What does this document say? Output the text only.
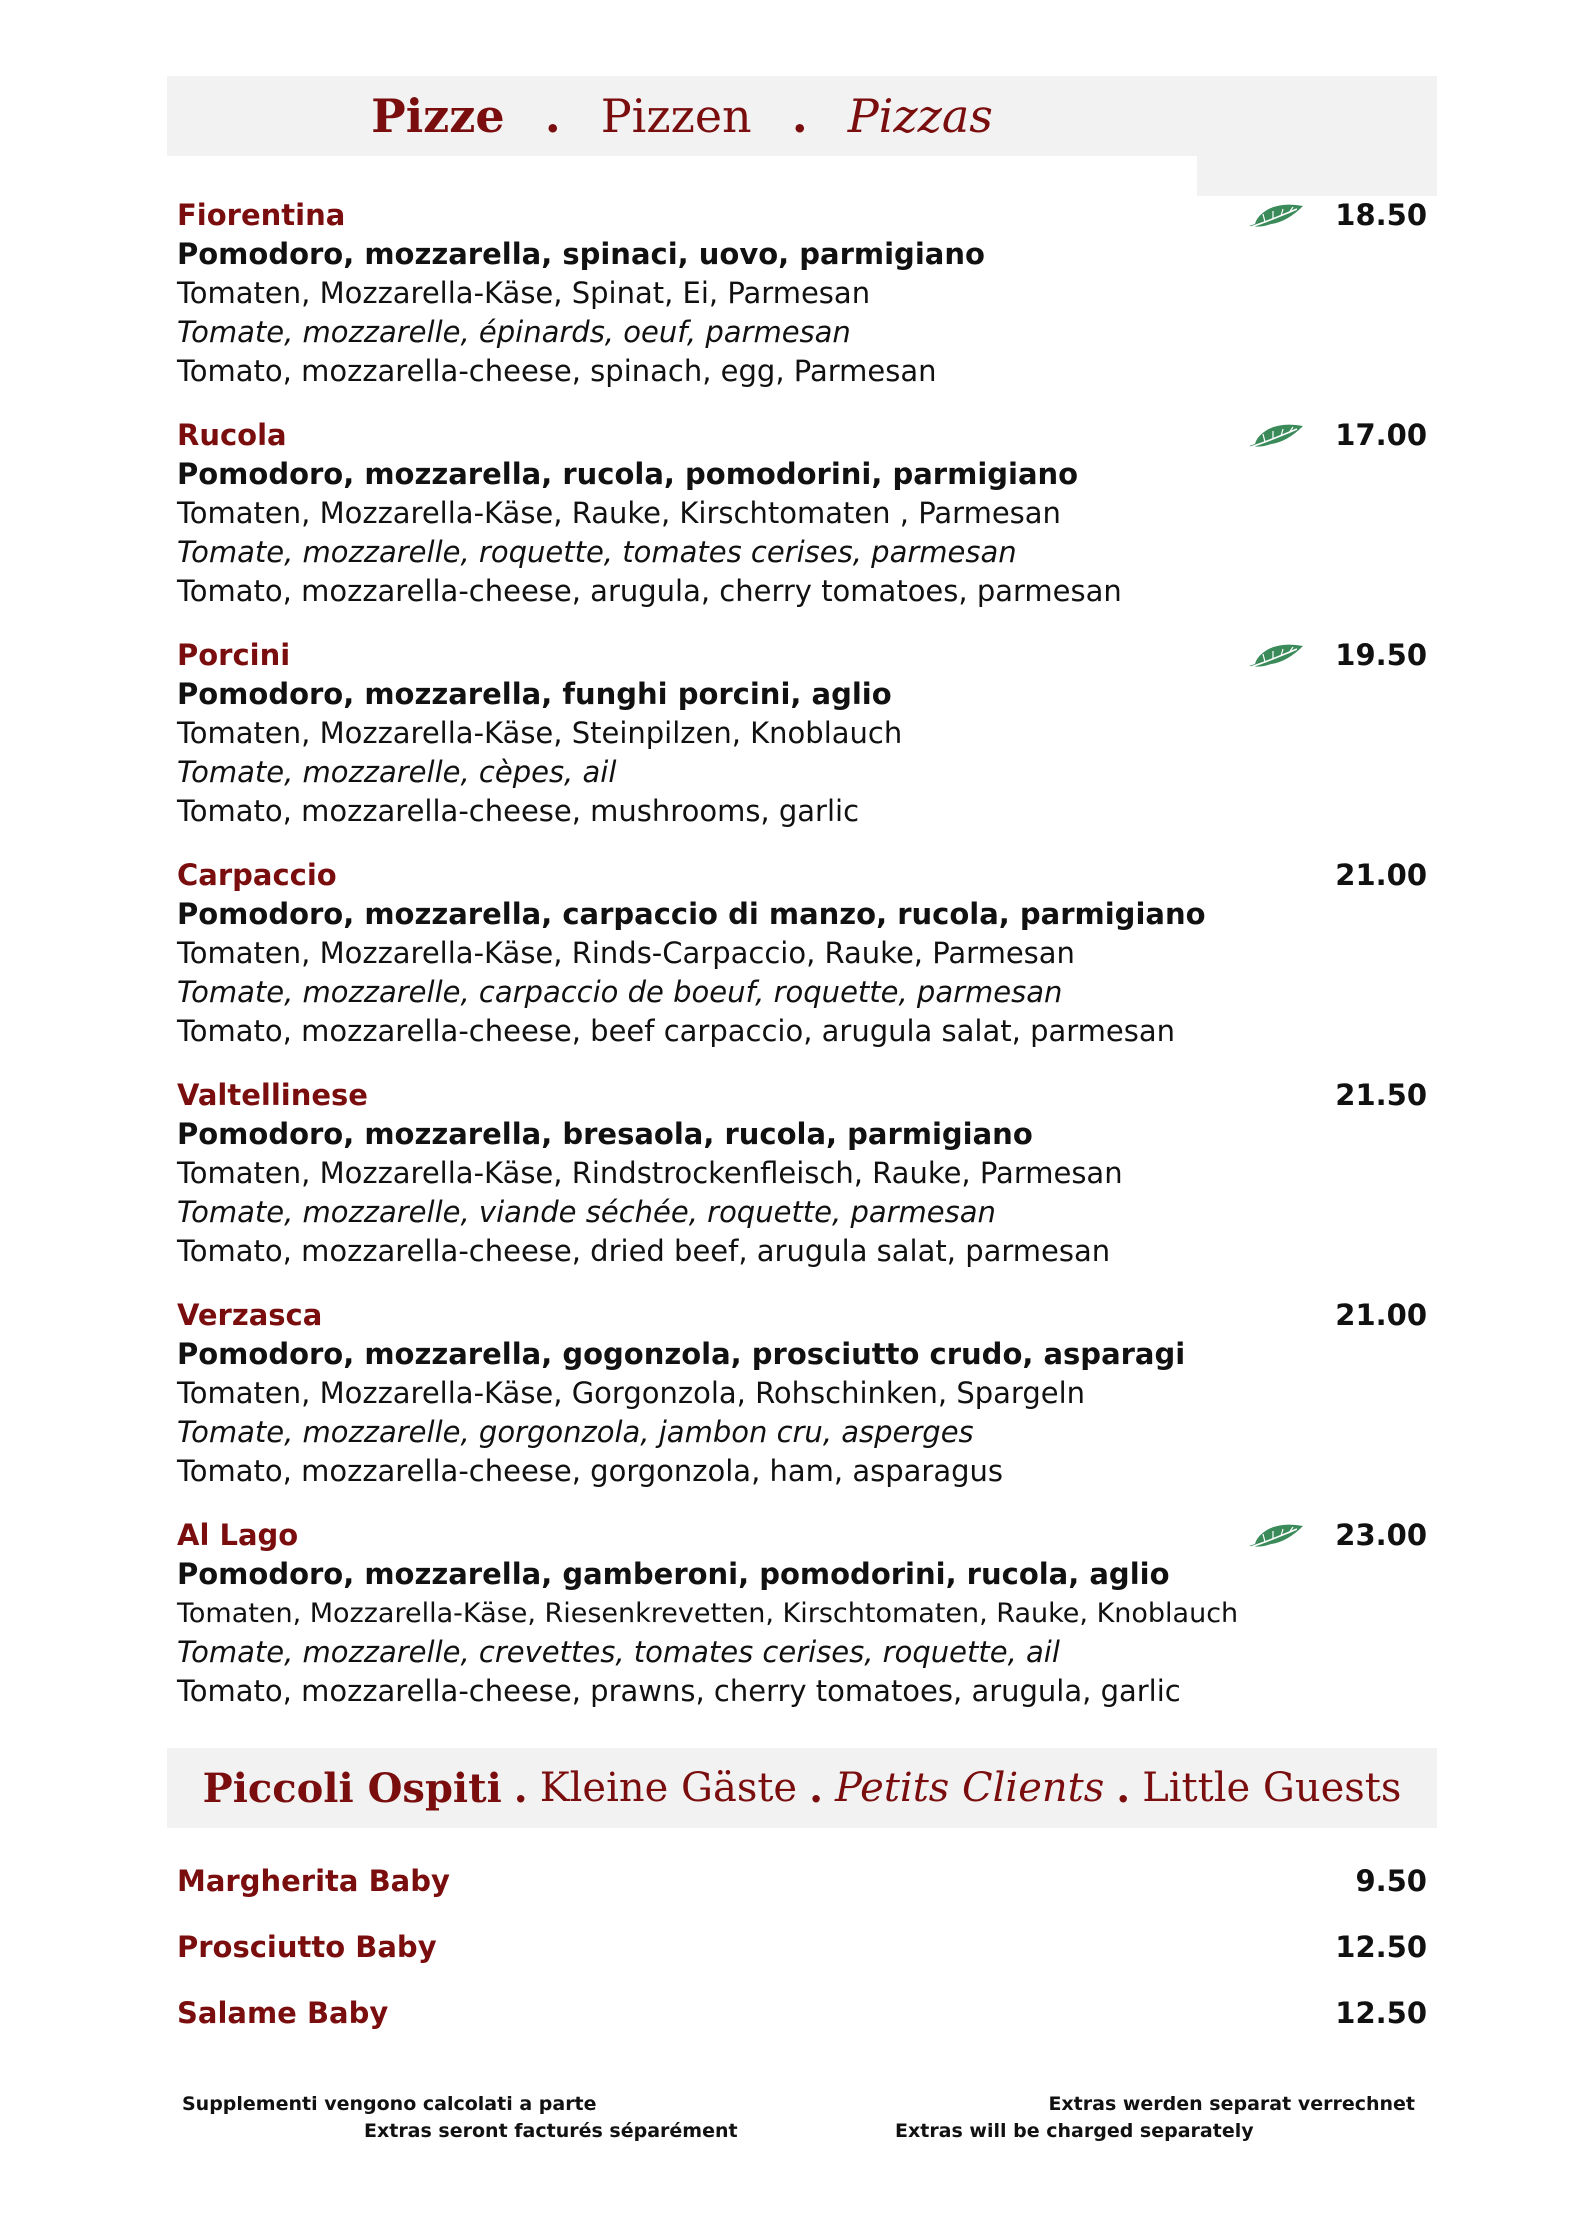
Pizze . Pizzen . Pizzas
Fiorentina
Pomodoro, mozzarella, spinaci, uovo, parmigiano
Tomaten, Mozzarella-Käse, Spinat, Ei, Parmesan
Tomate, mozzarelle, épinards, oeuf, parmesan
Tomato, mozzarella-cheese, spinach, egg, Parmesan
18.50
Rucola
Pomodoro, mozzarella, rucola, pomodorini, parmigiano
Tomaten, Mozzarella-Käse, Rauke, Kirschtomaten , Parmesan
Tomate, mozzarelle, roquette, tomates cerises, parmesan
Tomato, mozzarella-cheese, arugula, cherry tomatoes, parmesan
17.00
Porcini
Pomodoro, mozzarella, funghi porcini, aglio
Tomaten, Mozzarella-Käse, Steinpilzen, Knoblauch
Tomate, mozzarelle, cèpes, ail
Tomato, mozzarella-cheese, mushrooms, garlic
19.50
Carpaccio
Pomodoro, mozzarella, carpaccio di manzo, rucola, parmigiano
Tomaten, Mozzarella-Käse, Rinds-Carpaccio, Rauke, Parmesan
Tomate, mozzarelle, carpaccio de boeuf, roquette, parmesan
Tomato, mozzarella-cheese, beef carpaccio, arugula salat, parmesan
21.00
Valtellinese
Pomodoro, mozzarella, bresaola, rucola, parmigiano
Tomaten, Mozzarella-Käse, Rindstrockenfleisch, Rauke, Parmesan
Tomate, mozzarelle, viande séchée, roquette, parmesan
Tomato, mozzarella-cheese, dried beef, arugula salat, parmesan
21.50
Verzasca
Pomodoro, mozzarella, gogonzola, prosciutto crudo, asparagi
Tomaten, Mozzarella-Käse, Gorgonzola, Rohschinken, Spargeln
Tomate, mozzarelle, gorgonzola, jambon cru, asperges
Tomato, mozzarella-cheese, gorgonzola, ham, asparagus
21.00
Al Lago
Pomodoro, mozzarella, gamberoni, pomodorini, rucola, aglio
Tomaten, Mozzarella-Käse, Riesenkrevetten, Kirschtomaten, Rauke, Knoblauch
Tomate, mozzarelle, crevettes, tomates cerises, roquette, ail
Tomato, mozzarella-cheese, prawns, cherry tomatoes, arugula, garlic
23.00
Piccoli Ospiti . Kleine Gäste . Petits Clients . Little Guests
Margherita Baby	9.50
Prosciutto Baby	12.50
Salame Baby	12.50
Supplementi vengono calcolati a parte	Extras werden separat verrechnet
Extras seront facturés séparément	Extras will be charged separately
